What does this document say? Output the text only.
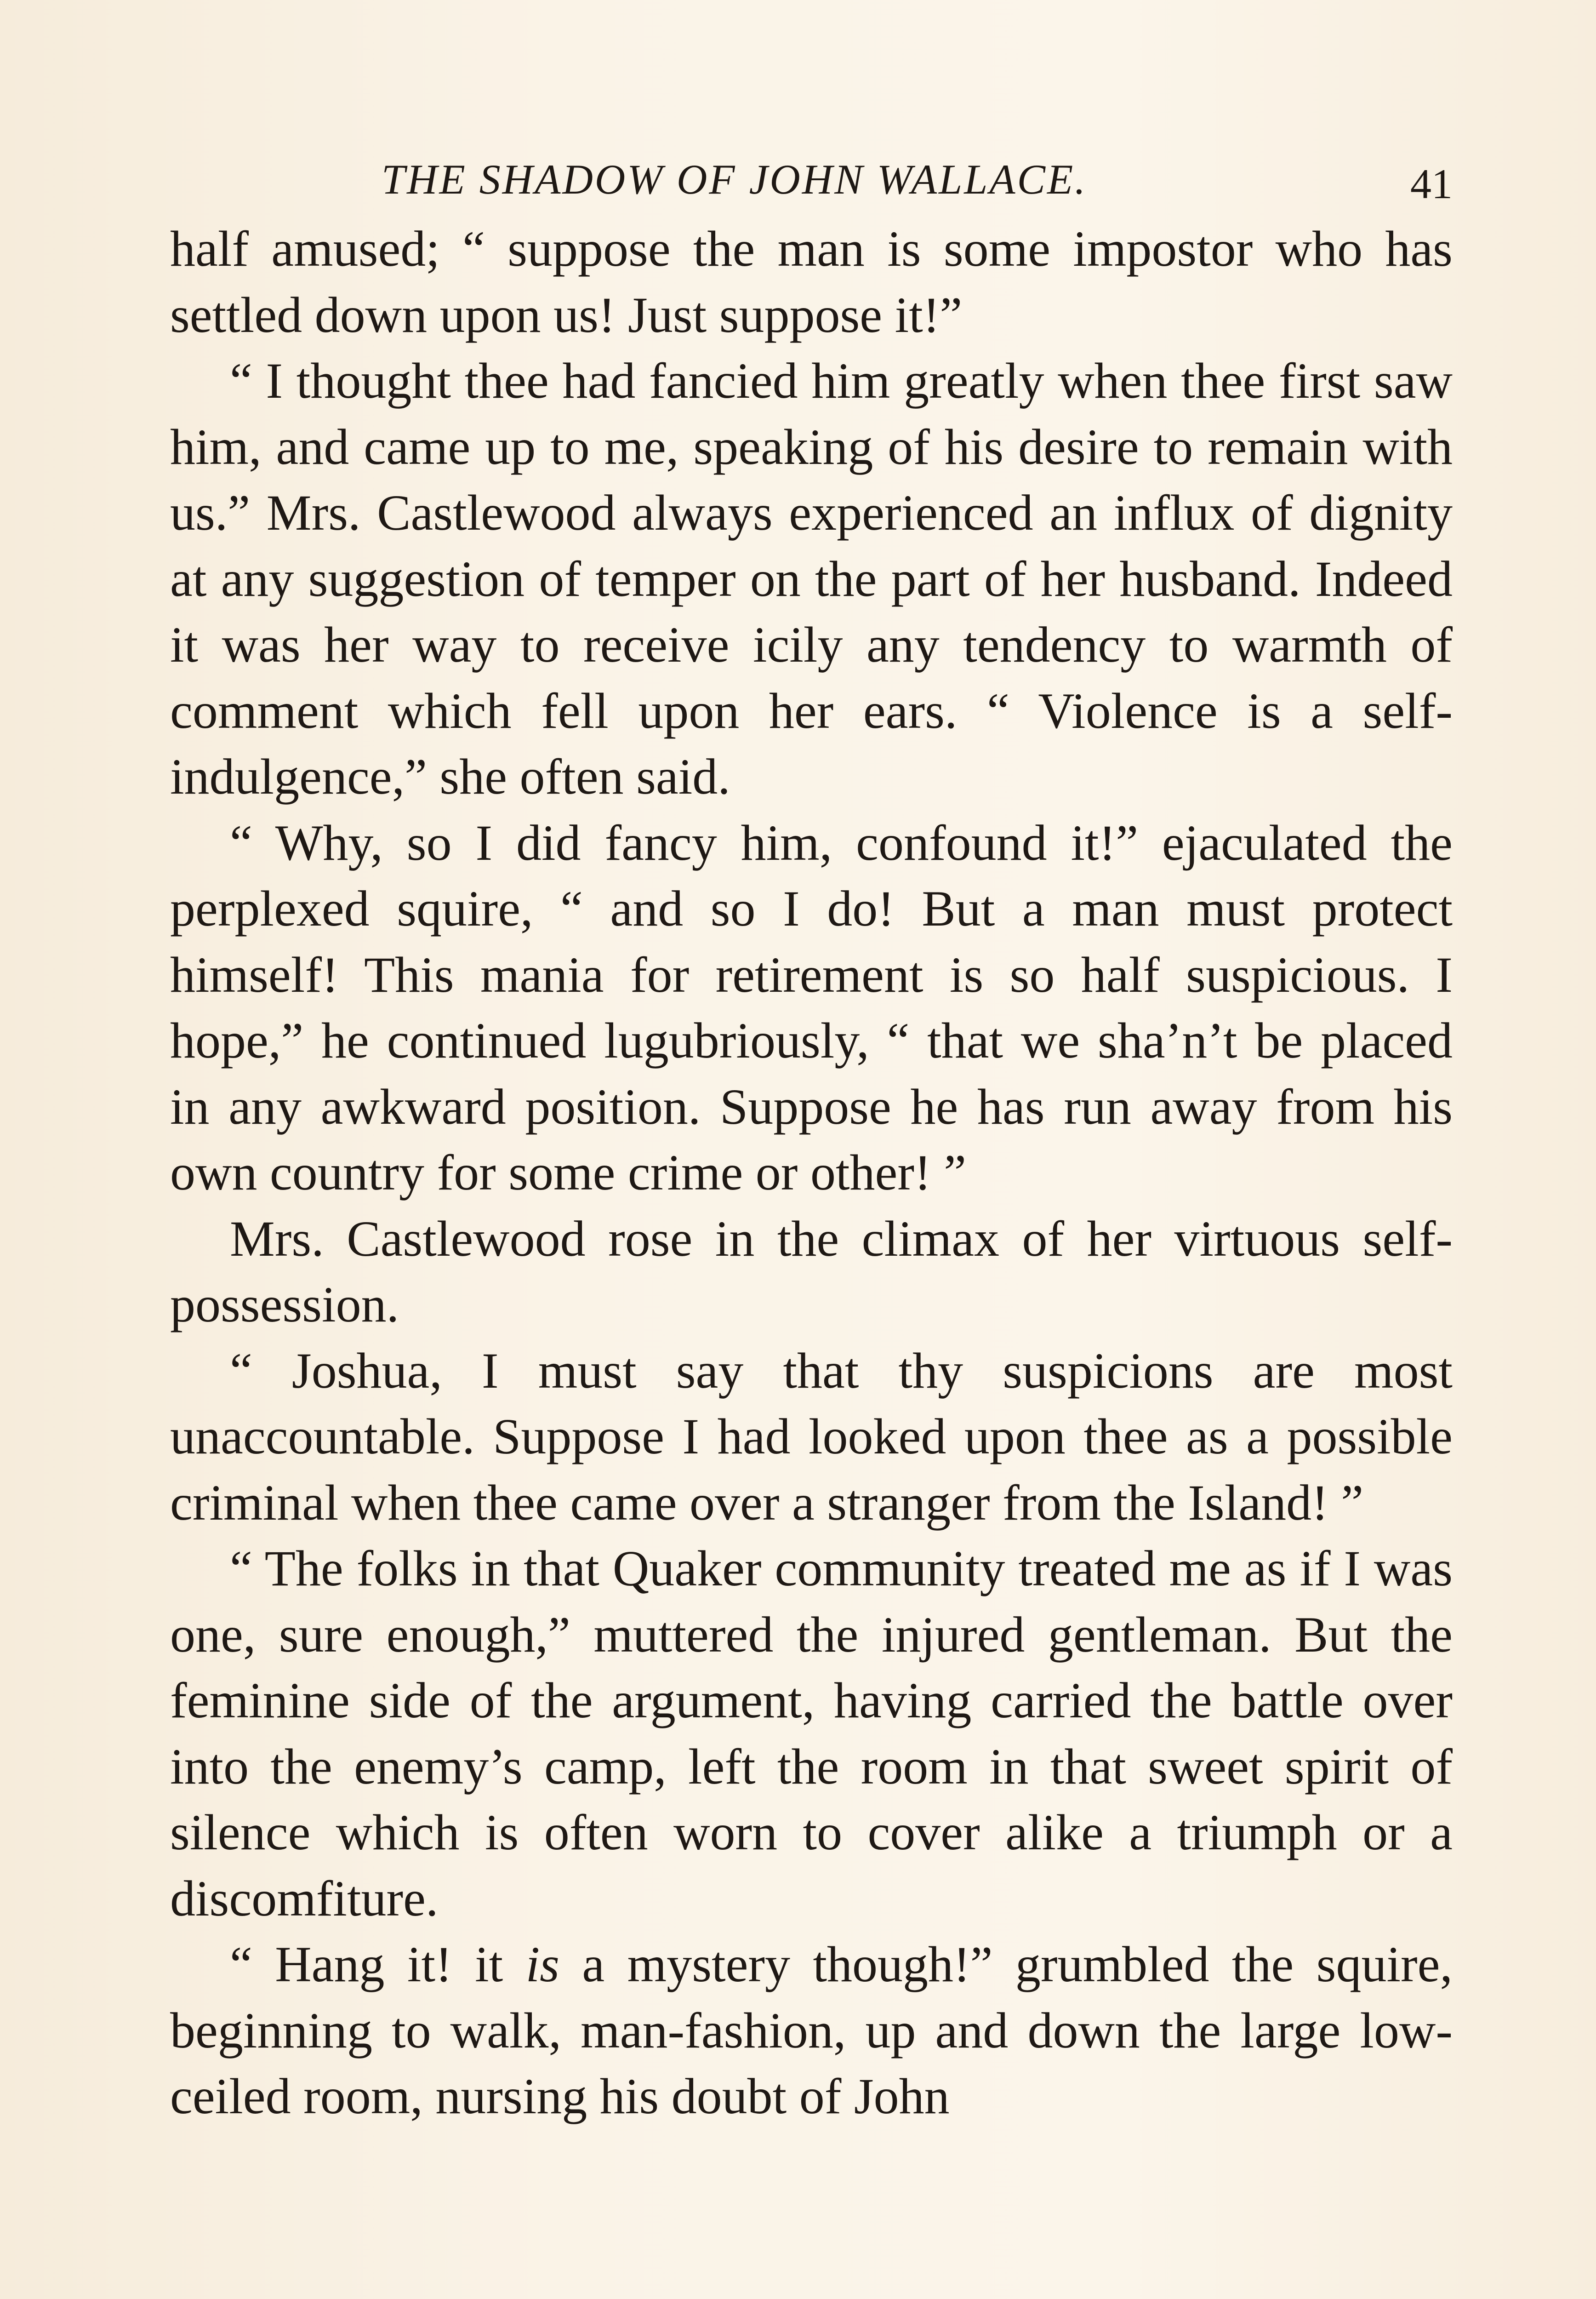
THE SHADOW OF JOHN WALLACE.	41

half amused; “ suppose the man is some impostor who has settled down upon us! Just suppose it!”

“ I thought thee had fancied him greatly when thee first saw him, and came up to me, speaking of his desire to remain with us.” Mrs. Castlewood always experienced an influx of dignity at any suggestion of temper on the part of her husband. Indeed it was her way to receive icily any tendency to warmth of comment which fell upon her ears. “ Violence is a self-indulgence,” she often said.

“ Why, so I did fancy him, confound it!” ejaculated the perplexed squire, “ and so I do! But a man must protect himself! This mania for retirement is so half suspicious. I hope,” he continued lugubriously, “ that we sha’n’t be placed in any awkward position. Suppose he has run away from his own country for some crime or other! ”

Mrs. Castlewood rose in the climax of her virtuous self-possession.

“ Joshua, I must say that thy suspicions are most unaccountable. Suppose I had looked upon thee as a possible criminal when thee came over a stranger from the Island! ”

“ The folks in that Quaker community treated me as if I was one, sure enough,” muttered the injured gentleman. But the feminine side of the argument, having carried the battle over into the enemy’s camp, left the room in that sweet spirit of silence which is often worn to cover alike a triumph or a discomfiture.

“ Hang it! it is a mystery though!” grumbled the squire, beginning to walk, man-fashion, up and down the large low-ceiled room, nursing his doubt of John
